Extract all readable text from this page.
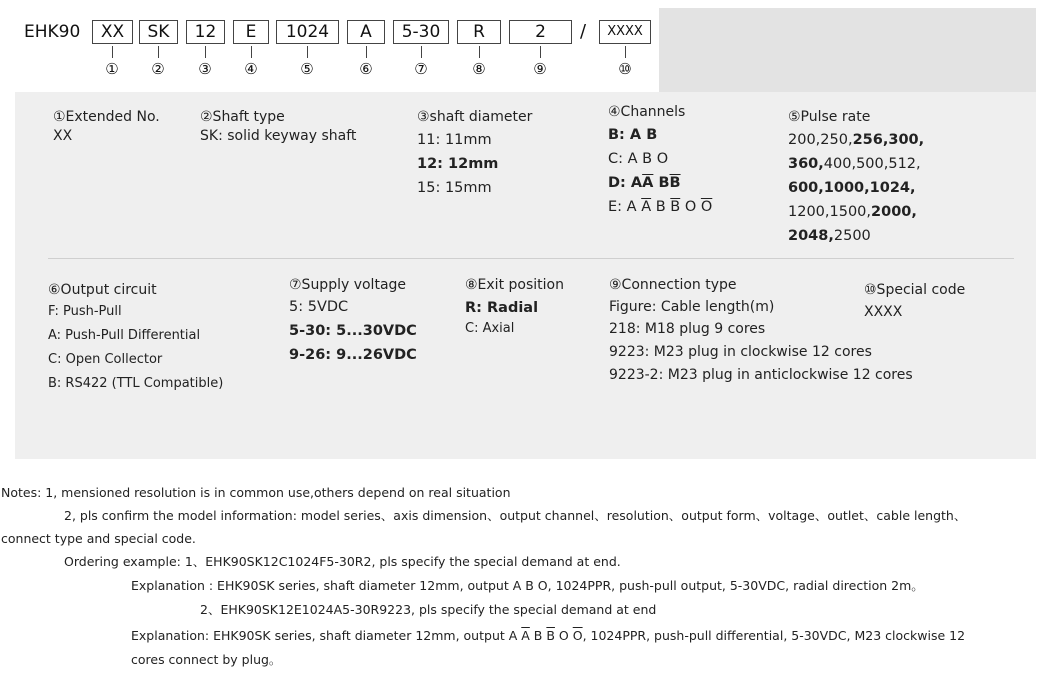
EHK90	XX	SK	12	E	1024	A	5-30	R	2	/	XXXX
① ② ③ ④	⑤	⑥	⑦	⑧	⑨	⑩
①Extended No.
XX
②Shaft type
SK: solid keyway shaft
③shaft diameter
11: 11mm
12: 12mm
15: 15mm
④Channels
B: A B
C: A B O
D: $A\overline{A}$ $B\overline{B}$
E: A $\overline{A}$ B $\overline{B}$ O $\overline{O}$
⑤Pulse rate
200,250,256,300,
360,400,500,512,
600,1000,1024,
1200,1500,2000,
2048,2500
⑥Output circuit
F: Push-Pull
A: Push-Pull Differential
C: Open Collector
B: RS422 (TTL Compatible)
⑦Supply voltage
5: 5VDC
5-30: 5...30VDC
9-26: 9...26VDC
⑧Exit position
R: Radial
C: Axial
⑨Connection type
Figure: Cable length(m)
218: M18 plug 9 cores
9223: M23 plug in clockwise 12 cores
9223-2: M23 plug in anticlockwise 12 cores
⑩Special code
XXXX
Notes: 1, mensioned resolution is in common use,others depend on real situation
2, pls confirm the model information: model series、axis dimension、output channel、resolution、output form、voltage、outlet、cable length、
connect type and special code.
Ordering example: 1、EHK90SK12C1024F5-30R2, pls specify the special demand at end.
Explanation : EHK90SK series, shaft diameter 12mm, output A B O, 1024PPR, push-pull output, 5-30VDC, radial direction 2m。
2、EHK90SK12E1024A5-30R9223, pls specify the special demand at end
Explanation: EHK90SK series, shaft diameter 12mm, output A $\overline{A}$ B $\overline{B}$ O $\overline{O}$, 1024PPR, push-pull differential, 5-30VDC, M23 clockwise 12
cores connect by plug。
